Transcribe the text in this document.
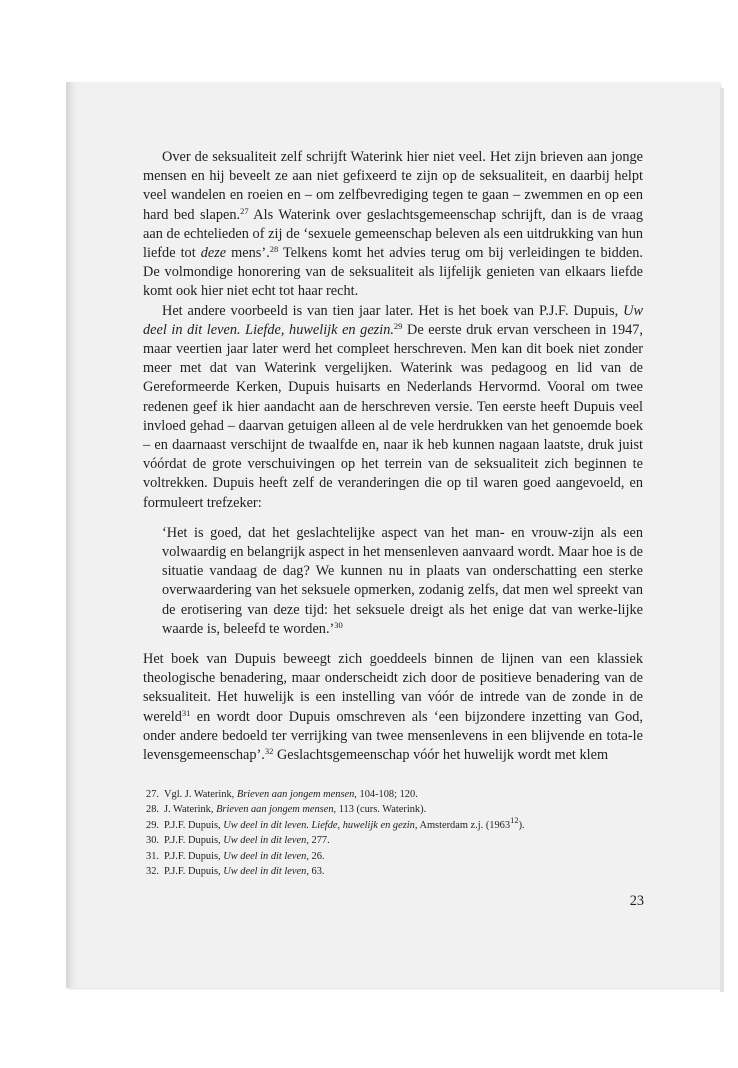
Over de seksualiteit zelf schrijft Waterink hier niet veel. Het zijn brieven aan jonge mensen en hij beveelt ze aan niet gefixeerd te zijn op de seksualiteit, en daarbij helpt veel wandelen en roeien en – om zelfbevrediging tegen te gaan – zwemmen en op een hard bed slapen.$^{27}$ Als Waterink over geslachtsgemeenschap schrijft, dan is de vraag aan de echtelieden of zij de ‘sexuele gemeenschap beleven als een uitdrukking van hun liefde tot deze mens’.$^{28}$ Telkens komt het advies terug om bij verleidingen te bidden. De volmondige honorering van de seksualiteit als lijfelijk genieten van elkaars liefde komt ook hier niet echt tot haar recht.

Het andere voorbeeld is van tien jaar later. Het is het boek van P.J.F. Dupuis, Uw deel in dit leven. Liefde, huwelijk en gezin.$^{29}$ De eerste druk ervan verscheen in 1947, maar veertien jaar later werd het compleet herschreven. Men kan dit boek niet zonder meer met dat van Waterink vergelijken. Waterink was pedagoog en lid van de Gereformeerde Kerken, Dupuis huisarts en Nederlands Hervormd. Vooral om twee redenen geef ik hier aandacht aan de herschreven versie. Ten eerste heeft Dupuis veel invloed gehad – daarvan getuigen alleen al de vele herdrukken van het genoemde boek – en daarnaast verschijnt de twaalfde en, naar ik heb kunnen nagaan laatste, druk juist vóórdat de grote verschuivingen op het terrein van de seksualiteit zich beginnen te voltrekken. Dupuis heeft zelf de veranderingen die op til waren goed aangevoeld, en formuleert trefzeker:

‘Het is goed, dat het geslachtelijke aspect van het man- en vrouw-zijn als een volwaardig en belangrijk aspect in het mensenleven aanvaard wordt. Maar hoe is de situatie vandaag de dag? We kunnen nu in plaats van onderschatting een sterke overwaardering van het seksuele opmerken, zodanig zelfs, dat men wel spreekt van de erotisering van deze tijd: het seksuele dreigt als het enige dat van werke-lijke waarde is, beleefd te worden.’$^{30}$

Het boek van Dupuis beweegt zich goeddeels binnen de lijnen van een klassiek theologische benadering, maar onderscheidt zich door de positieve benadering van de seksualiteit. Het huwelijk is een instelling van vóór de intrede van de zonde in de wereld$^{31}$ en wordt door Dupuis omschreven als ‘een bijzondere inzetting van God, onder andere bedoeld ter verrijking van twee mensenlevens in een blijvende en tota-le levensgemeenschap’.$^{32}$ Geslachtsgemeenschap vóór het huwelijk wordt met klem

27. Vgl. J. Waterink, Brieven aan jongem mensen, 104-108; 120.
28. J. Waterink, Brieven aan jongem mensen, 113 (curs. Waterink).
29. P.J.F. Dupuis, Uw deel in dit leven. Liefde, huwelijk en gezin, Amsterdam z.j. (1963$^{12}$).
30. P.J.F. Dupuis, Uw deel in dit leven, 277.
31. P.J.F. Dupuis, Uw deel in dit leven, 26.
32. P.J.F. Dupuis, Uw deel in dit leven, 63.
23
